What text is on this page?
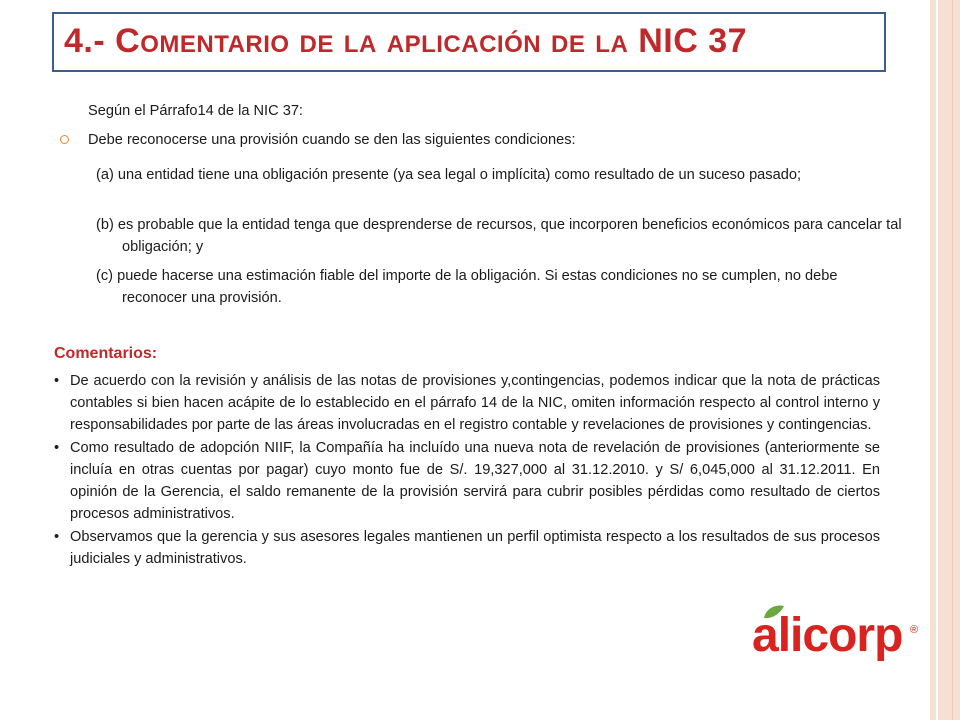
4.- Comentario de la aplicación de la NIC 37
Según el Párrafo14 de la NIC 37:
Debe reconocerse una provisión cuando se den las siguientes condiciones:
(a) una entidad tiene una obligación presente (ya sea legal o implícita) como resultado de un suceso pasado;
(b) es probable que la entidad tenga que desprenderse de recursos, que incorporen beneficios económicos para cancelar tal obligación; y
(c) puede hacerse una estimación fiable del importe de la obligación. Si estas condiciones no se cumplen, no debe reconocer una provisión.
Comentarios:
• De acuerdo con la revisión y análisis de las notas de provisiones y,contingencias, podemos indicar que la nota de prácticas contables si bien hacen acápite de lo establecido en el párrafo 14 de la NIC, omiten información respecto al control interno y responsabilidades por parte de las áreas involucradas en el registro contable y revelaciones de provisiones y contingencias.
• Como resultado de adopción NIIF, la Compañía ha incluído una nueva nota de revelación de provisiones (anteriormente se incluía en otras cuentas por pagar) cuyo monto fue de S/. 19,327,000 al 31.12.2010. y S/ 6,045,000 al 31.12.2011. En opinión de la Gerencia, el saldo remanente de la provisión servirá para cubrir posibles pérdidas como resultado de ciertos procesos administrativos.
• Observamos que la gerencia y sus asesores legales mantienen un perfil optimista respecto a los resultados de sus procesos judiciales y administrativos.
alicorp ®
